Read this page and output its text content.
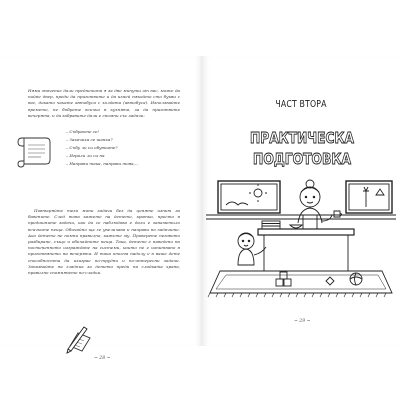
Няма значение дали предпочита я за две минути от вас, може да пойне двер, преди да приготвите и да изпей някойто сто букви с вас, докато чакате автобуса с холдата (автобуса). Използвайте времето, не бъбрете всичко в кухнята, за да приготвите вечерята, и да забравите дали е спомни със задачи:

– Събрахте се!
– Закачиха се шапка?
– Събу ли си обувките?
– Играли ли си на
– Направи така, направи това,...

Повтаряйте тези мини задачи без да ценяте изпит за бавените. След това кажете на детето, кратко, просто в предишните задачи, как да се наблюдава е дали е запаметило всичките неща. Обичайно ще се увеличава и направи по задачите. Ако детето не помни правилно, кажете му. Проверете неговото разбиране, също и обичайните неща. Така, детето е наведено на постепенното изграждане на системи, които не е изпитвано в приготвянето на вечерята. И така отсега надолу е в ваше дете способността да изиграе по-трудни и по-интересни задачи. Запазвайте на гладник за детето преди на сладката храна, правилно спомнянето по-сладки.

~ 28 ~
ЧАСТ ВТОРА
ПРАКТИЧЕСКА
ПОДГОТОВКА
~ 29 ~
